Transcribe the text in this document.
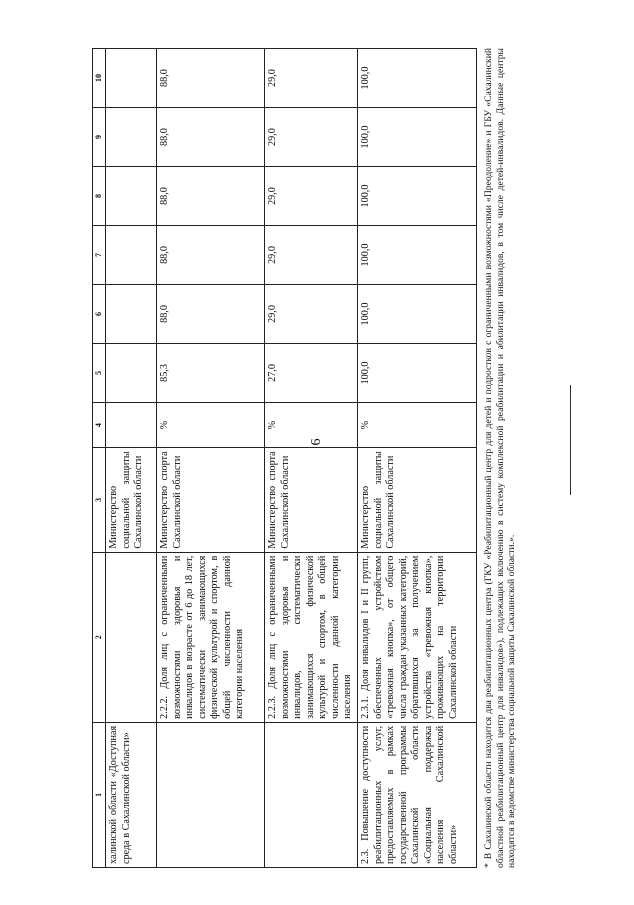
6
1	2	3	4	5	6	7	8	9	10
халинской области «Доступная среда в Сахалинской области»		Министерство социальной защиты Сахалинской области							
	2.2.2. Доля лиц с ограниченными возможностями здоровья и инвалидов в возрасте от 6 до 18 лет, систематически занимающихся физической культурой и спортом, в общей численности данной категории населения	Министерство спорта Сахалинской области	%	85,3	88,0	88,0	88,0	88,0	88,0
	2.2.3. Доля лиц с ограниченными возможностями здоровья и инвалидов, систематически занимающихся физической культурой и спортом, в общей численности данной категории населения	Министерство спорта Сахалинской области	%	27,0	29,0	29,0	29,0	29,0	29,0
2.3. Повышение доступности реабилитационных услуг, предоставляемых в рамках государственной программы Сахалинской области «Социальная поддержка населения Сахалинской области»	2.3.1. Доля инвалидов I и II групп, обеспеченных устройством «тревожная кнопка», от общего числа граждан указанных категорий, обратившихся за получением устройства «тревожная кнопка», проживающих на территории Сахалинской области	Министерство социальной защиты Сахалинской области	%	100,0	100,0	100,0	100,0	100,0	100,0
*В Сахалинской области находится два реабилитационных центра (ГКУ «Реабилитационный центр для детей и подростков с ограниченными возможностями «Преодоление» и ГБУ «Сахалинский областной реабилитационный центр для инвалидов»), подлежащих включению в систему комплексной реабилитации и абилитации инвалидов, в том числе детей-инвалидов. Данные центры находятся в ведомстве министерства социальной защиты Сахалинской области.».
